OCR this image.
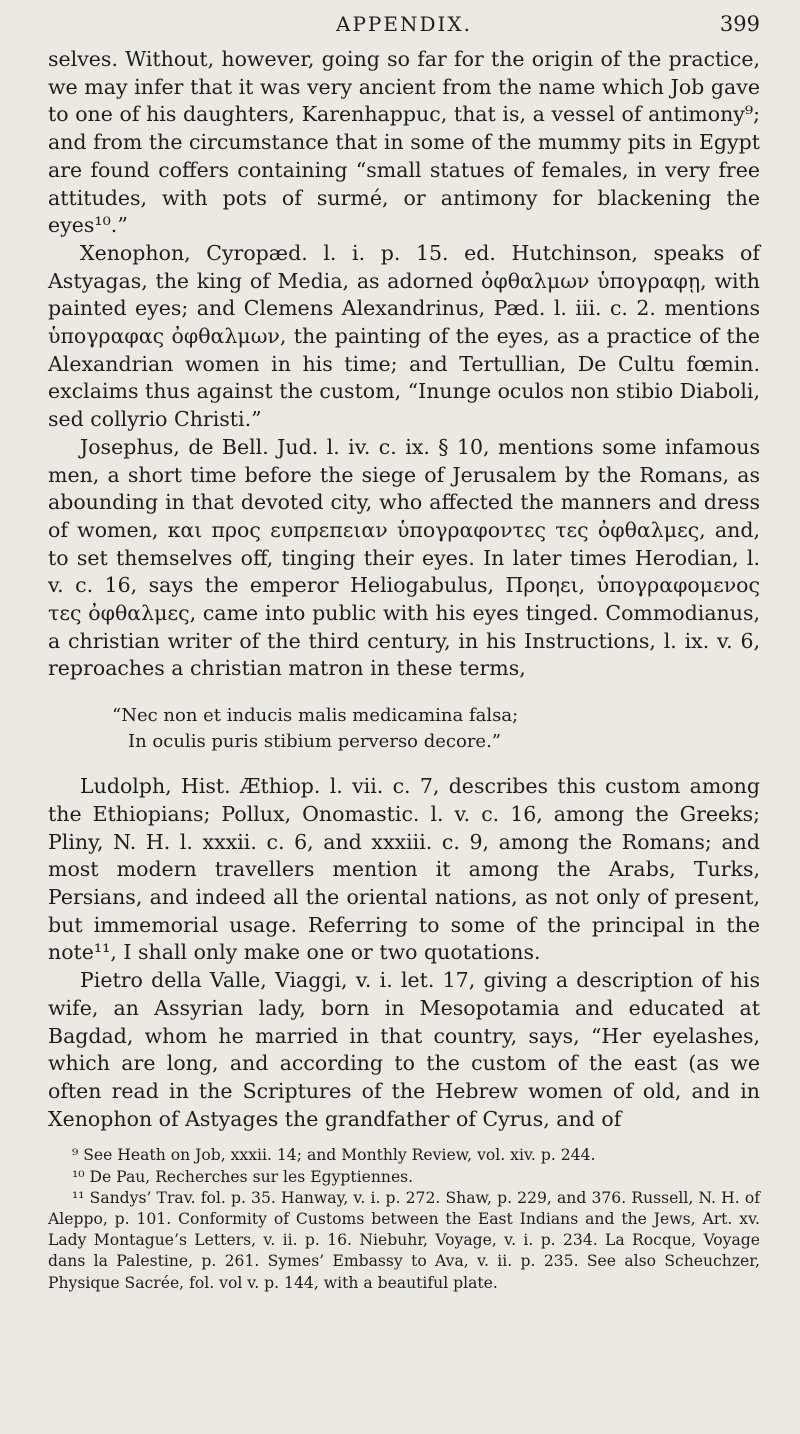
APPENDIX.	399

selves. Without, however, going so far for the origin of the practice, we may infer that it was very ancient from the name which Job gave to one of his daughters, Karenhappuc, that is, a vessel of antimony⁹; and from the circumstance that in some of the mummy pits in Egypt are found coffers containing “small statues of females, in very free attitudes, with pots of surmé, or antimony for blackening the eyes¹⁰.”

Xenophon, Cyropæd. l. i. p. 15. ed. Hutchinson, speaks of Astyagas, the king of Media, as adorned ὀφθαλμων ὑπογραφῃ, with painted eyes; and Clemens Alexandrinus, Pæd. l. iii. c. 2. mentions ὑπογραφας ὀφθαλμων, the painting of the eyes, as a practice of the Alexandrian women in his time; and Tertullian, De Cultu fœmin. exclaims thus against the custom, “Inunge oculos non stibio Diaboli, sed collyrio Christi.”

Josephus, de Bell. Jud. l. iv. c. ix. § 10, mentions some infamous men, a short time before the siege of Jerusalem by the Romans, as abounding in that devoted city, who affected the manners and dress of women, και προς ευπρεπειαν ὑπογραφοντες τες ὀφθαλμες, and, to set themselves off, tinging their eyes. In later times Herodian, l. v. c. 16, says the emperor Heliogabulus, Προηει, ὑπογραφομενος τες ὀφθαλμες, came into public with his eyes tinged. Commodianus, a christian writer of the third century, in his Instructions, l. ix. v. 6, reproaches a christian matron in these terms,

“Nec non et inducis malis medicamina falsa;
In oculis puris stibium perverso decore.”

Ludolph, Hist. Æthiop. l. vii. c. 7, describes this custom among the Ethiopians; Pollux, Onomastic. l. v. c. 16, among the Greeks; Pliny, N. H. l. xxxii. c. 6, and xxxiii. c. 9, among the Romans; and most modern travellers mention it among the Arabs, Turks, Persians, and indeed all the oriental nations, as not only of present, but immemorial usage. Referring to some of the principal in the note¹¹, I shall only make one or two quotations.

Pietro della Valle, Viaggi, v. i. let. 17, giving a description of his wife, an Assyrian lady, born in Mesopotamia and educated at Bagdad, whom he married in that country, says, “Her eyelashes, which are long, and according to the custom of the east (as we often read in the Scriptures of the Hebrew women of old, and in Xenophon of Astyages the grandfather of Cyrus, and of

⁹ See Heath on Job, xxxii. 14; and Monthly Review, vol. xiv. p. 244.

¹⁰ De Pau, Recherches sur les Egyptiennes.

¹¹ Sandys’ Trav. fol. p. 35. Hanway, v. i. p. 272. Shaw, p. 229, and 376. Russell, N. H. of Aleppo, p. 101. Conformity of Customs between the East Indians and the Jews, Art. xv. Lady Montague’s Letters, v. ii. p. 16. Niebuhr, Voyage, v. i. p. 234. La Rocque, Voyage dans la Palestine, p. 261. Symes’ Embassy to Ava, v. ii. p. 235. See also Scheuchzer, Physique Sacrée, fol. vol v. p. 144, with a beautiful plate.
